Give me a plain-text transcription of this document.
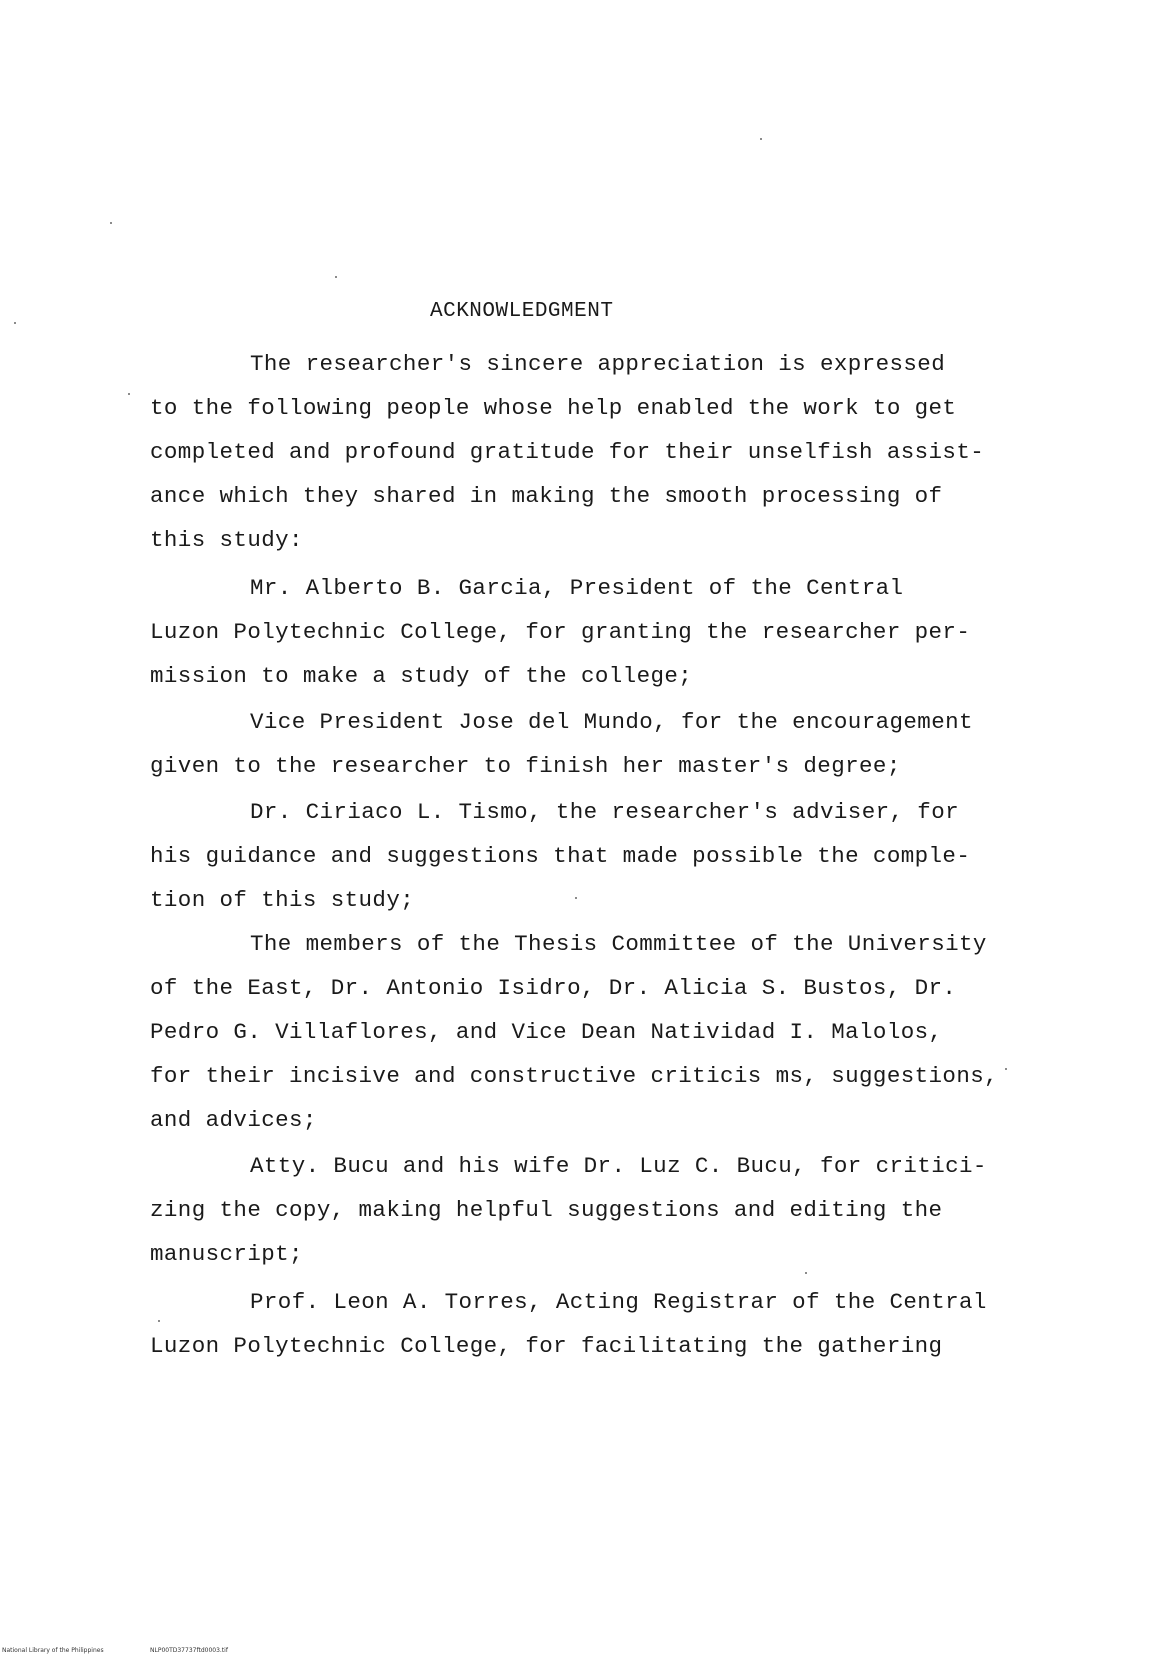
ACKNOWLEDGMENT
The researcher's sincere appreciation is expressed
to the following people whose help enabled the work to get
completed and profound gratitude for their unselfish assist-
ance which they shared in making the smooth processing of
this study:
Mr. Alberto B. Garcia, President of the Central
Luzon Polytechnic College, for granting the researcher per-
mission to make a study of the college;
Vice President Jose del Mundo, for the encouragement
given to the researcher to finish her master's degree;
Dr. Ciriaco L. Tismo, the researcher's adviser, for
his guidance and suggestions that made possible the comple-
tion of this study;
The members of the Thesis Committee of the University
of the East, Dr. Antonio Isidro, Dr. Alicia S. Bustos, Dr.
Pedro G. Villaflores, and Vice Dean Natividad I. Malolos,
for their incisive and constructive criticis ms, suggestions,
and advices;
Atty. Bucu and his wife Dr. Luz C. Bucu, for critici-
zing the copy, making helpful suggestions and editing the
manuscript;
Prof. Leon A. Torres, Acting Registrar of the Central
Luzon Polytechnic College, for facilitating the gathering
National Library of the Philippines	NLP00TD37737ftd0003.tif
